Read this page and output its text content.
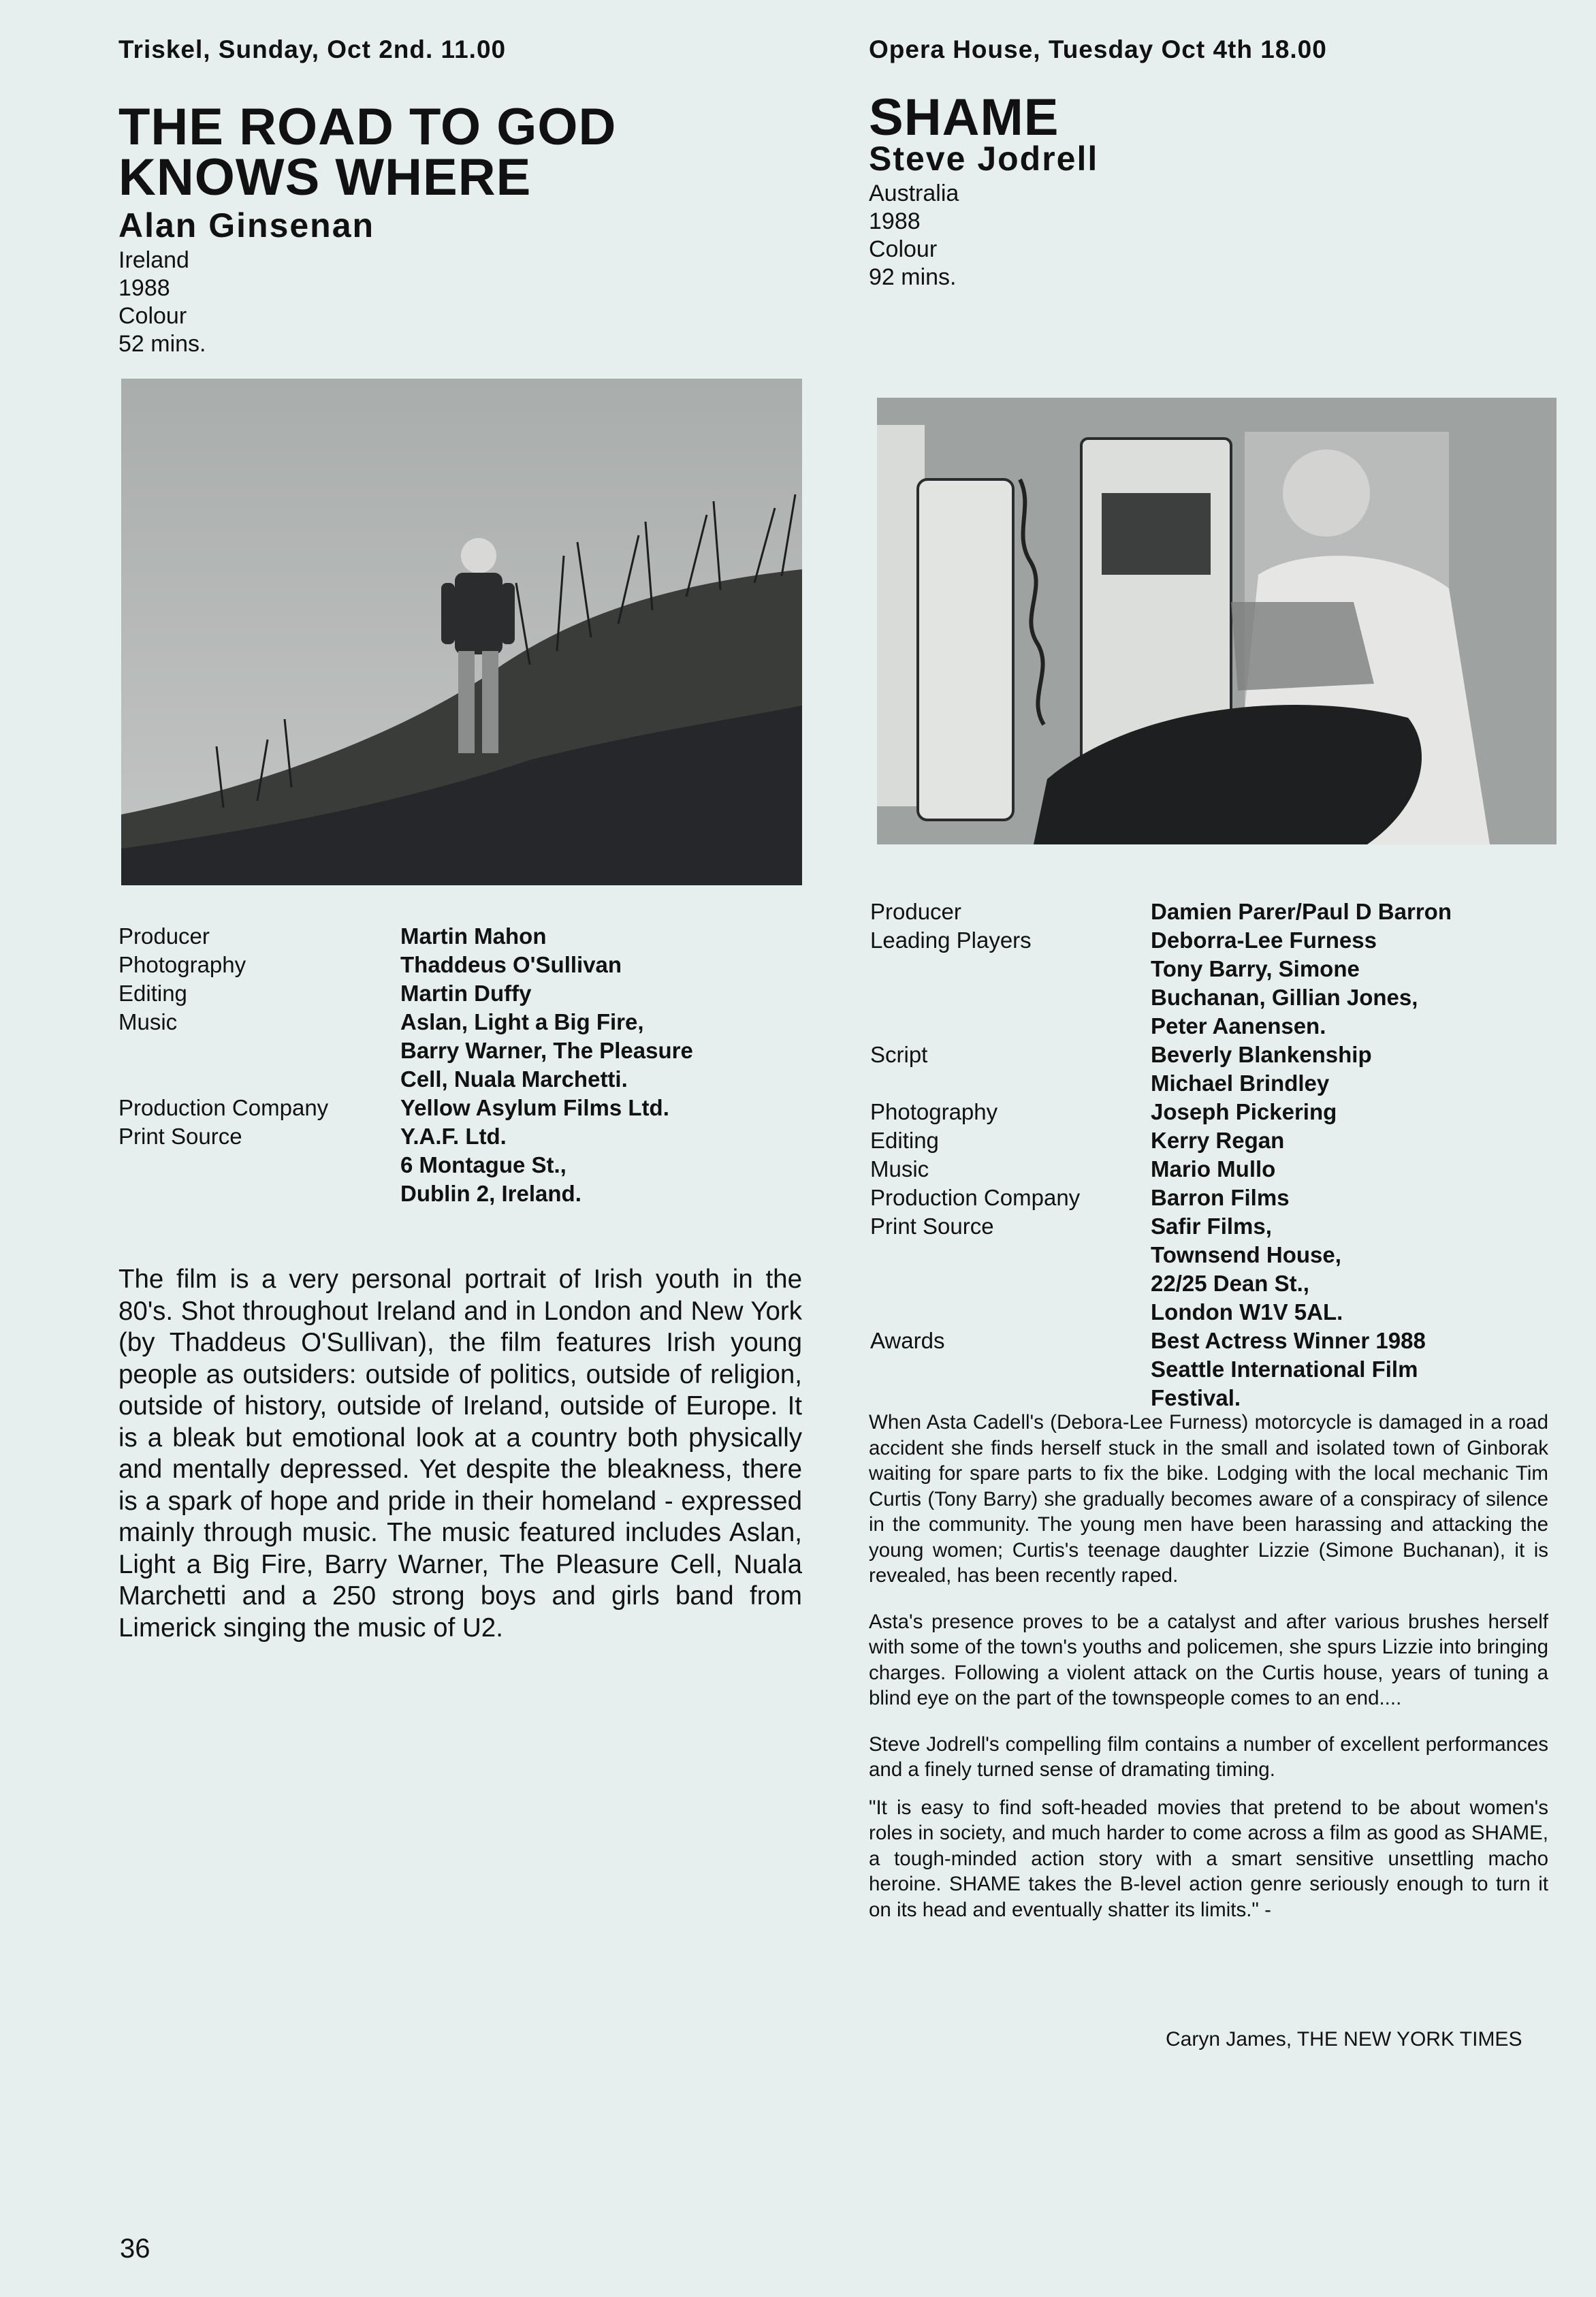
Triskel, Sunday, Oct 2nd. 11.00
THE ROAD TO GOD
KNOWS WHERE
Alan Ginsenan
Ireland
1988
Colour
52 mins.
Producer	Martin Mahon
Photography	Thaddeus O'Sullivan
Editing	Martin Duffy
Music	Aslan, Light a Big Fire,
Barry Warner, The Pleasure
Cell, Nuala Marchetti.
Production Company	Yellow Asylum Films Ltd.
Print Source	Y.A.F. Ltd.
6 Montague St.,
Dublin 2, Ireland.
The film is a very personal portrait of Irish youth in the 80's. Shot throughout Ireland and in London and New York (by Thaddeus O'Sullivan), the film features Irish young people as outsiders: outside of politics, outside of religion, outside of history, outside of Ireland, outside of Europe. It is a bleak but emotional look at a country both physically and mentally depressed. Yet despite the bleakness, there is a spark of hope and pride in their homeland - expressed mainly through music. The music featured includes Aslan, Light a Big Fire, Barry Warner, The Pleasure Cell, Nuala Marchetti and a 250 strong boys and girls band from Limerick singing the music of U2.
Opera House, Tuesday Oct 4th 18.00
SHAME
Steve Jodrell
Australia
1988
Colour
92 mins.
Producer	Damien Parer/Paul D Barron
Leading Players	Deborra-Lee Furness
Tony Barry, Simone
Buchanan, Gillian Jones,
Peter Aanensen.
Script	Beverly Blankenship
Michael Brindley
Photography	Joseph Pickering
Editing	Kerry Regan
Music	Mario Mullo
Production Company	Barron Films
Print Source	Safir Films,
Townsend House,
22/25 Dean St.,
London W1V 5AL.
Awards	Best Actress Winner 1988
Seattle International Film
Festival.

When Asta Cadell's (Debora-Lee Furness) motorcycle is damaged in a road accident she finds herself stuck in the small and isolated town of Ginborak waiting for spare parts to fix the bike. Lodging with the local mechanic Tim Curtis (Tony Barry) she gradually becomes aware of a conspiracy of silence in the community. The young men have been harassing and attacking the young women; Curtis's teenage daughter Lizzie (Simone Buchanan), it is revealed, has been recently raped.

Asta's presence proves to be a catalyst and after various brushes herself with some of the town's youths and policemen, she spurs Lizzie into bringing charges. Following a violent attack on the Curtis house, years of tuning a blind eye on the part of the townspeople comes to an end....

Steve Jodrell's compelling film contains a number of excellent performances and a finely turned sense of dramating timing.

"It is easy to find soft-headed movies that pretend to be about women's roles in society, and much harder to come across a film as good as SHAME, a tough-minded action story with a smart sensitive unsettling macho heroine. SHAME takes the B-level action genre seriously enough to turn it on its head and eventually shatter its limits." -

Caryn James, THE NEW YORK TIMES
36
